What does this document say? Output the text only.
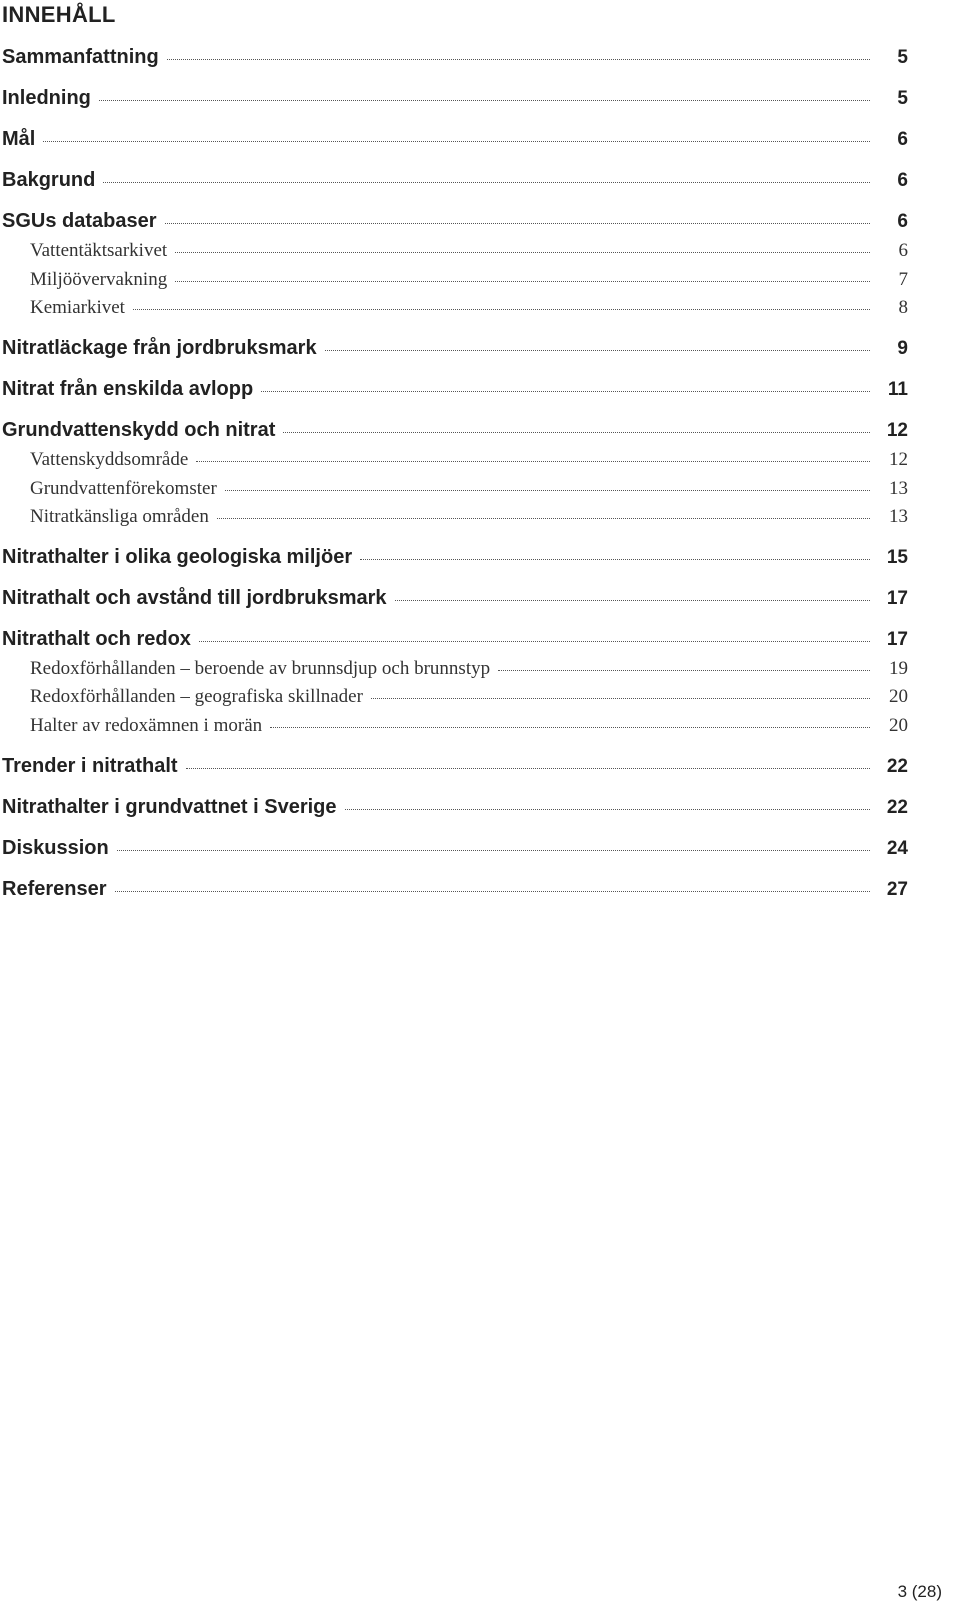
INNEHÅLL
Sammanfattning	5
Inledning	5
Mål	6
Bakgrund	6
SGUs databaser	6
Vattentäktsarkivet	6
Miljöövervakning	7
Kemiarkivet	8
Nitratläckage från jordbruksmark	9
Nitrat från enskilda avlopp	11
Grundvattenskydd och nitrat	12
Vattenskyddsområde	12
Grundvattenförekomster	13
Nitratkänsliga områden	13
Nitrathalter i olika geologiska miljöer	15
Nitrathalt och avstånd till jordbruksmark	17
Nitrathalt och redox	17
Redoxförhållanden – beroende av brunnsdjup och brunnstyp	19
Redoxförhållanden – geografiska skillnader	20
Halter av redoxämnen i morän	20
Trender i nitrathalt	22
Nitrathalter i grundvattnet i Sverige	22
Diskussion	24
Referenser	27
3 (28)
